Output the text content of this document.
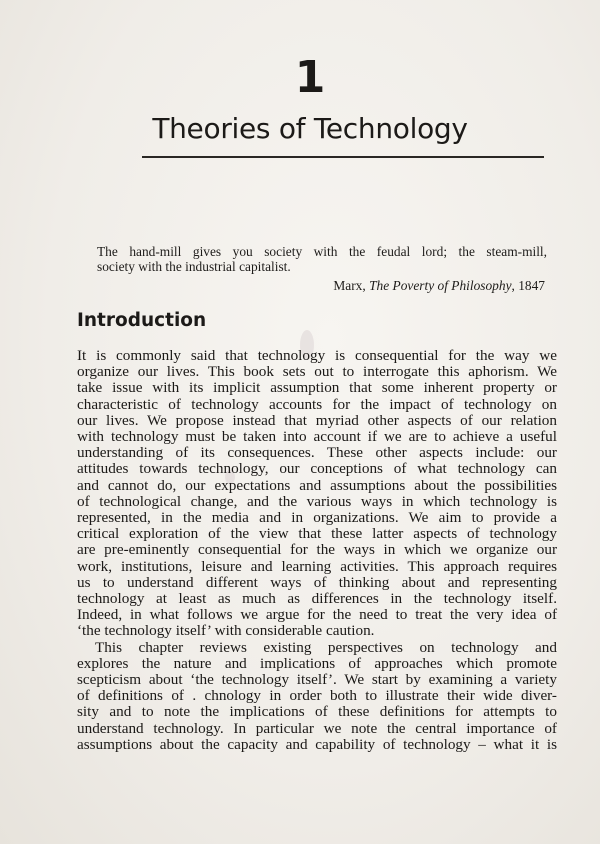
1
Theories of Technology
The hand-mill gives you society with the feudal lord; the steam-mill,
society with the industrial capitalist.
Marx, The Poverty of Philosophy, 1847
Introduction
It is commonly said that technology is consequential for the way we
organize our lives. This book sets out to interrogate this aphorism. We
take issue with its implicit assumption that some inherent property or
characteristic of technology accounts for the impact of technology on
our lives. We propose instead that myriad other aspects of our relation
with technology must be taken into account if we are to achieve a useful
understanding of its consequences. These other aspects include: our
attitudes towards technology, our conceptions of what technology can
and cannot do, our expectations and assumptions about the possibilities
of technological change, and the various ways in which technology is
represented, in the media and in organizations. We aim to provide a
critical exploration of the view that these latter aspects of technology
are pre-eminently consequential for the ways in which we organize our
work, institutions, leisure and learning activities. This approach requires
us to understand different ways of thinking about and representing
technology at least as much as differences in the technology itself.
Indeed, in what follows we argue for the need to treat the very idea of
‘the technology itself’ with considerable caution.
This chapter reviews existing perspectives on technology and
explores the nature and implications of approaches which promote
scepticism about ‘the technology itself’. We start by examining a variety
of definitions of . chnology in order both to illustrate their wide diver-
sity and to note the implications of these definitions for attempts to
understand technology. In particular we note the central importance of
assumptions about the capacity and capability of technology – what it is
